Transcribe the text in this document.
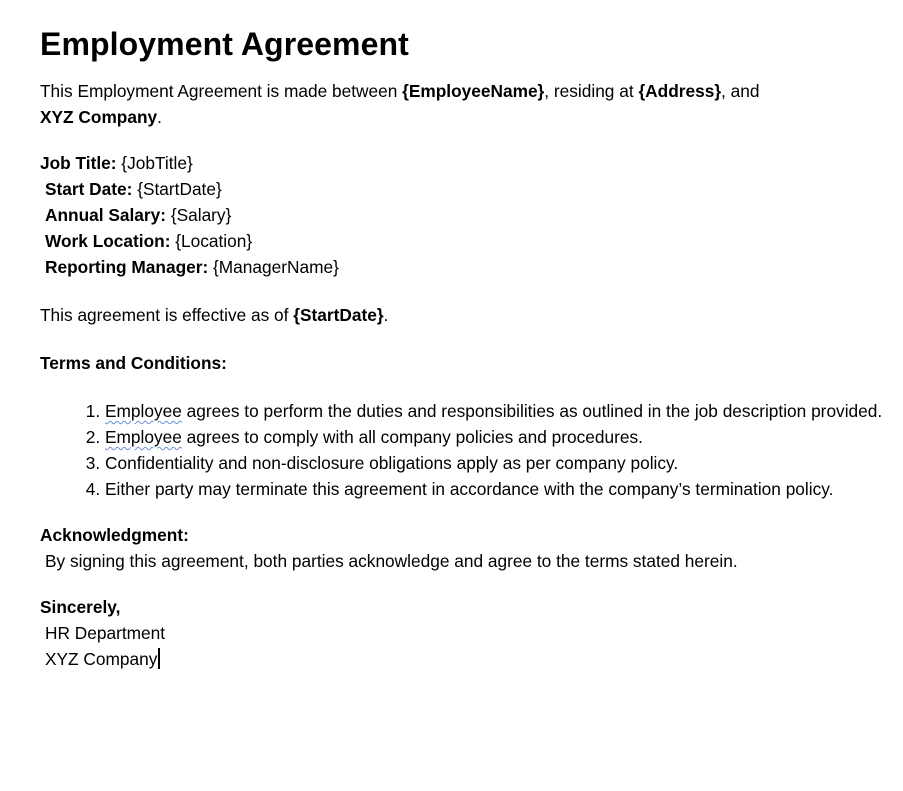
Employment Agreement

This Employment Agreement is made between {EmployeeName}, residing at {Address}, and
XYZ Company.

Job Title: {JobTitle}
Start Date: {StartDate}
Annual Salary: {Salary}
Work Location: {Location}
Reporting Manager: {ManagerName}

This agreement is effective as of {StartDate}.

Terms and Conditions:

1. Employee agrees to perform the duties and responsibilities as outlined in the job description provided.
2. Employee agrees to comply with all company policies and procedures.
3. Confidentiality and non-disclosure obligations apply as per company policy.
4. Either party may terminate this agreement in accordance with the company’s termination policy.

Acknowledgment:

By signing this agreement, both parties acknowledge and agree to the terms stated herein.

Sincerely,

HR Department

XYZ Company
